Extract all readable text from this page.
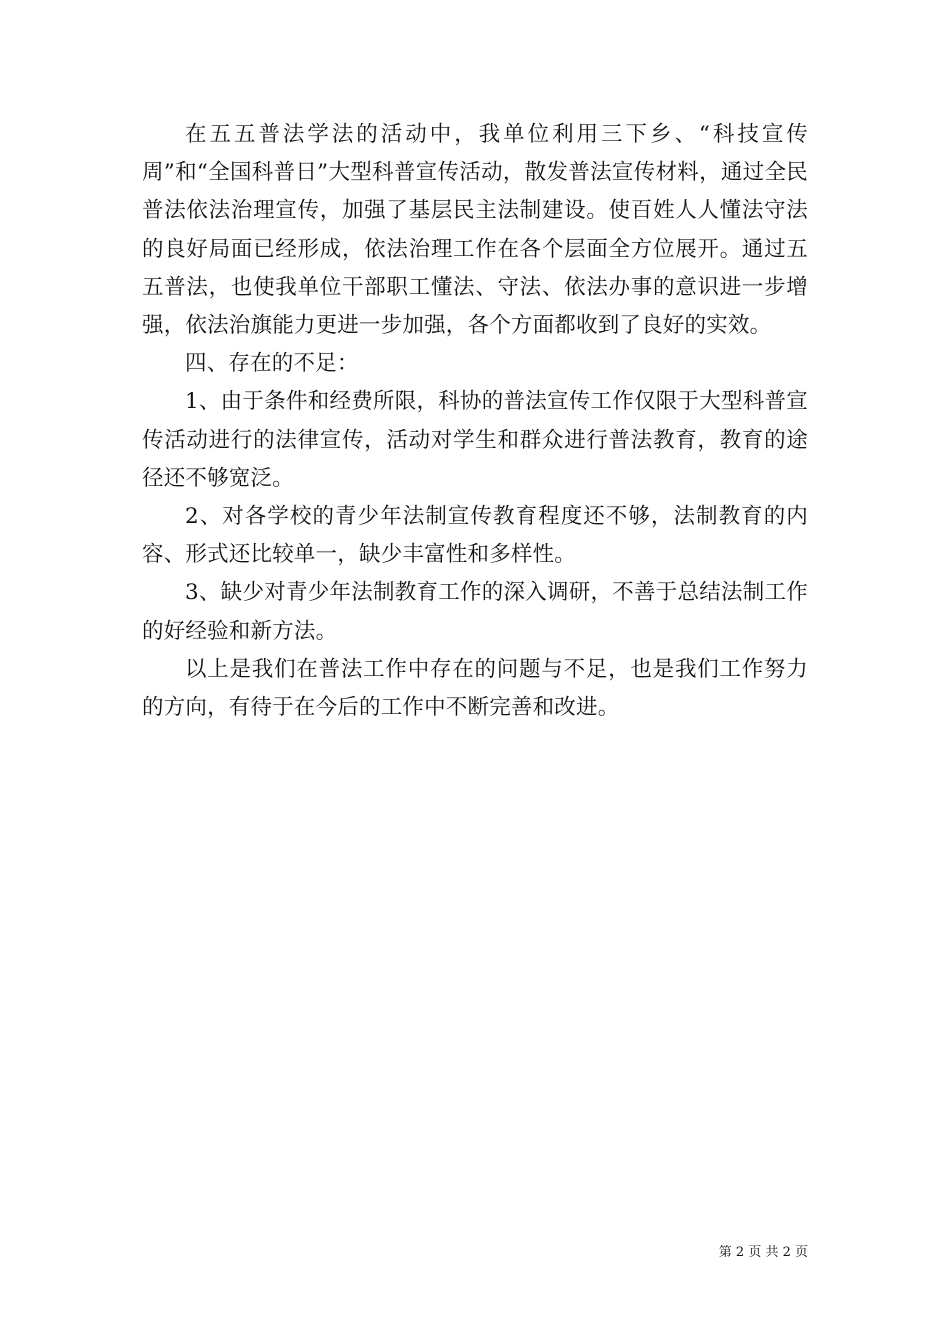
在五五普法学法的活动中，我单位利用三下乡、“科技宣传周”和“全国科普日”大型科普宣传活动，散发普法宣传材料，通过全民普法依法治理宣传，加强了基层民主法制建设。使百姓人人懂法守法的良好局面已经形成，依法治理工作在各个层面全方位展开。通过五五普法，也使我单位干部职工懂法、守法、依法办事的意识进一步增强，依法治旗能力更进一步加强，各个方面都收到了良好的实效。

四、存在的不足：

1、由于条件和经费所限，科协的普法宣传工作仅限于大型科普宣传活动进行的法律宣传，活动对学生和群众进行普法教育，教育的途径还不够宽泛。

2、对各学校的青少年法制宣传教育程度还不够，法制教育的内容、形式还比较单一，缺少丰富性和多样性。

3、缺少对青少年法制教育工作的深入调研，不善于总结法制工作的好经验和新方法。

以上是我们在普法工作中存在的问题与不足，也是我们工作努力的方向，有待于在今后的工作中不断完善和改进。

第 2 页 共 2 页
